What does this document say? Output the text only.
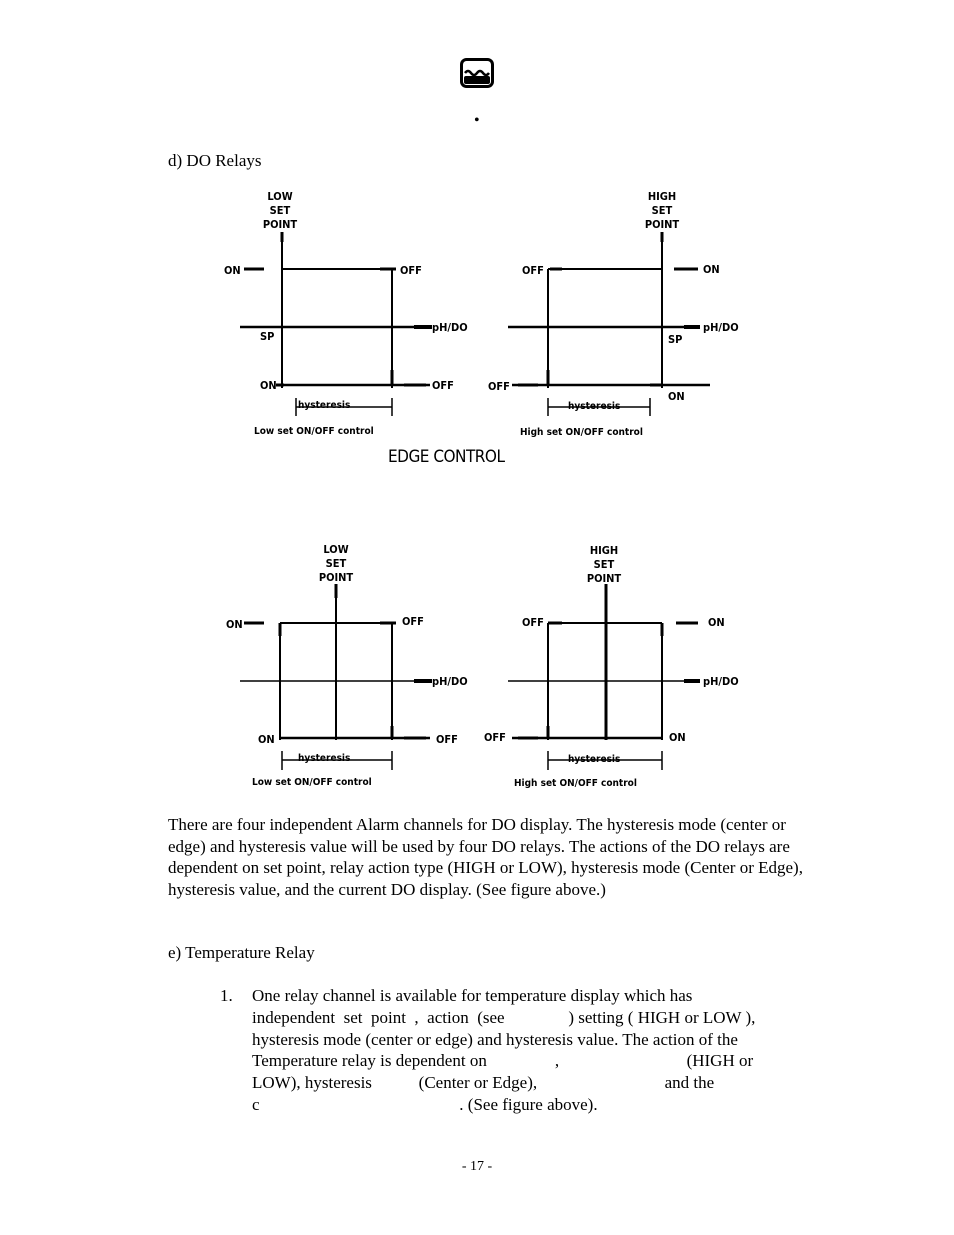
•
d) DO Relays
LOW
SET
POINT
ON	OFF
pH/DO
SP
ON	OFF
hysteresis
Low set ON/OFF control
HIGH
SET
POINT
OFF	ON
pH/DO
SP
OFF
ON
hysteresis
High set ON/OFF control
EDGE CONTROL
LOW
SET
POINT
ON	OFF
pH/DO
ON	OFF
hysteresis
Low set ON/OFF control
HIGH
SET
POINT
OFF	ON
pH/DO
OFF	ON
hysteresis
High set ON/OFF control

There are four independent Alarm channels for DO display. The hysteresis mode (center or edge) and hysteresis value will be used by four DO relays. The actions of the DO relays are dependent on set point, relay action type (HIGH or LOW), hysteresis mode (Center or Edge), hysteresis value, and the current DO display. (See figure above.)

e) Temperature Relay
1. One relay channel is available for temperature display which has
independent  set  point  ,  action  (see               ) setting ( HIGH or LOW ),
hysteresis mode (center or edge) and hysteresis value. The action of the
Temperature relay is dependent on                ,                              (HIGH or
LOW), hysteresis           (Center or Edge),                              and the
c                                               . (See figure above).
- 17 -
